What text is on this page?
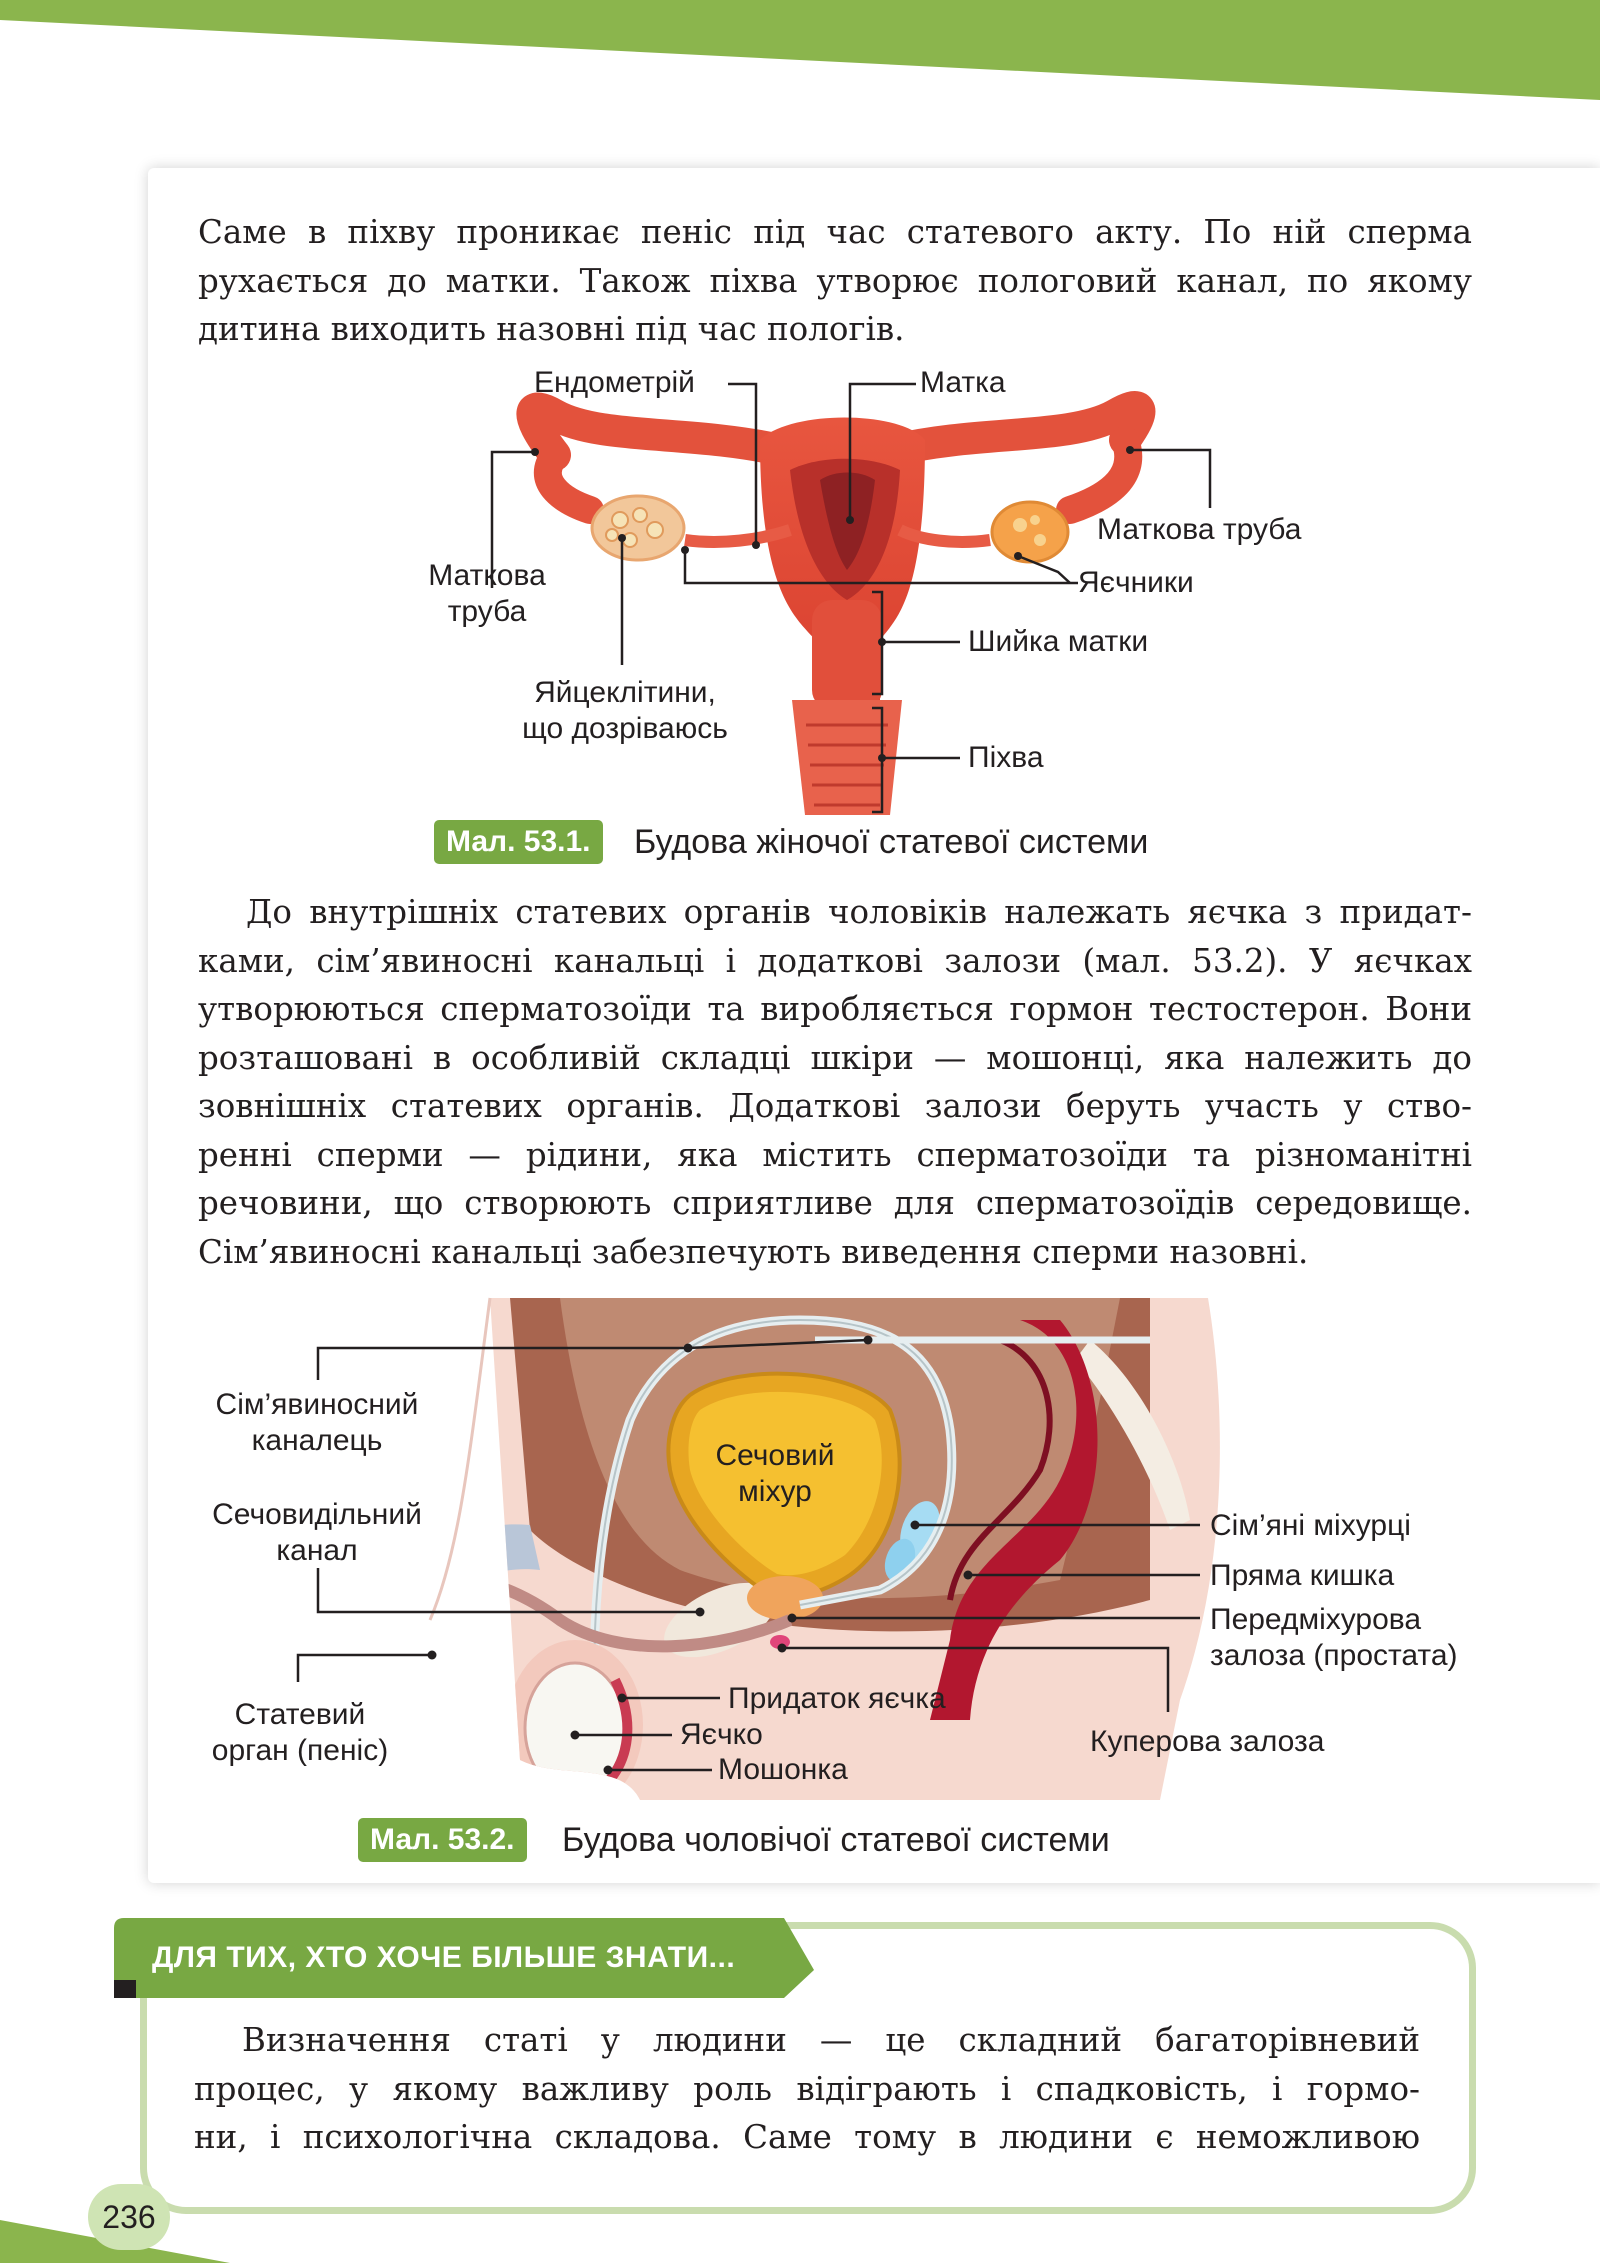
Саме в піхву проникає пеніс під час статевого акту. По ній сперма
рухається до матки. Також піхва утворює пологовий канал, по якому
дитина виходить назовні під час пологів.
Ендометрій	Матка
Маткова труба
Маткова
труба
Яєчники
Шийка матки
Яйцеклітини,
що дозріваюсь
Піхва
Мал. 53.1.	Будова жіночої статевої системи
До внутрішніх статевих органів чоловіків належать яєчка з придат-
ками, сім’явиносні канальці і додаткові залози (мал. 53.2). У яєчках
утворюються сперматозоїди та виробляється гормон тестостерон. Вони
розташовані в особливій складці шкіри — мошонці, яка належить до
зовнішніх статевих органів. Додаткові залози беруть участь у ство-
ренні сперми — рідини, яка містить сперматозоїди та різноманітні
речовини, що створюють сприятливе для сперматозоїдів середовище.
Сім’явиносні канальці забезпечують виведення сперми назовні.
Сім’явиносний
каналець	Сечовий
міхур
Сечовидільний
канал
Статевий
орган (пеніс)
Сім’яні міхурці
Пряма кишка
Передміхурова
залоза (простата)
Придаток яєчка
Яєчко
Мошонка
Куперова залоза
Мал. 53.2.	Будова чоловічої статевої системи
ДЛЯ ТИХ, ХТО ХОЧЕ БІЛЬШЕ ЗНАТИ...
Визначення статі у людини — це складний багаторівневий
процес, у якому важливу роль відіграють і спадковість, і гормо-
ни, і психологічна складова. Саме тому в людини є неможливою
236
